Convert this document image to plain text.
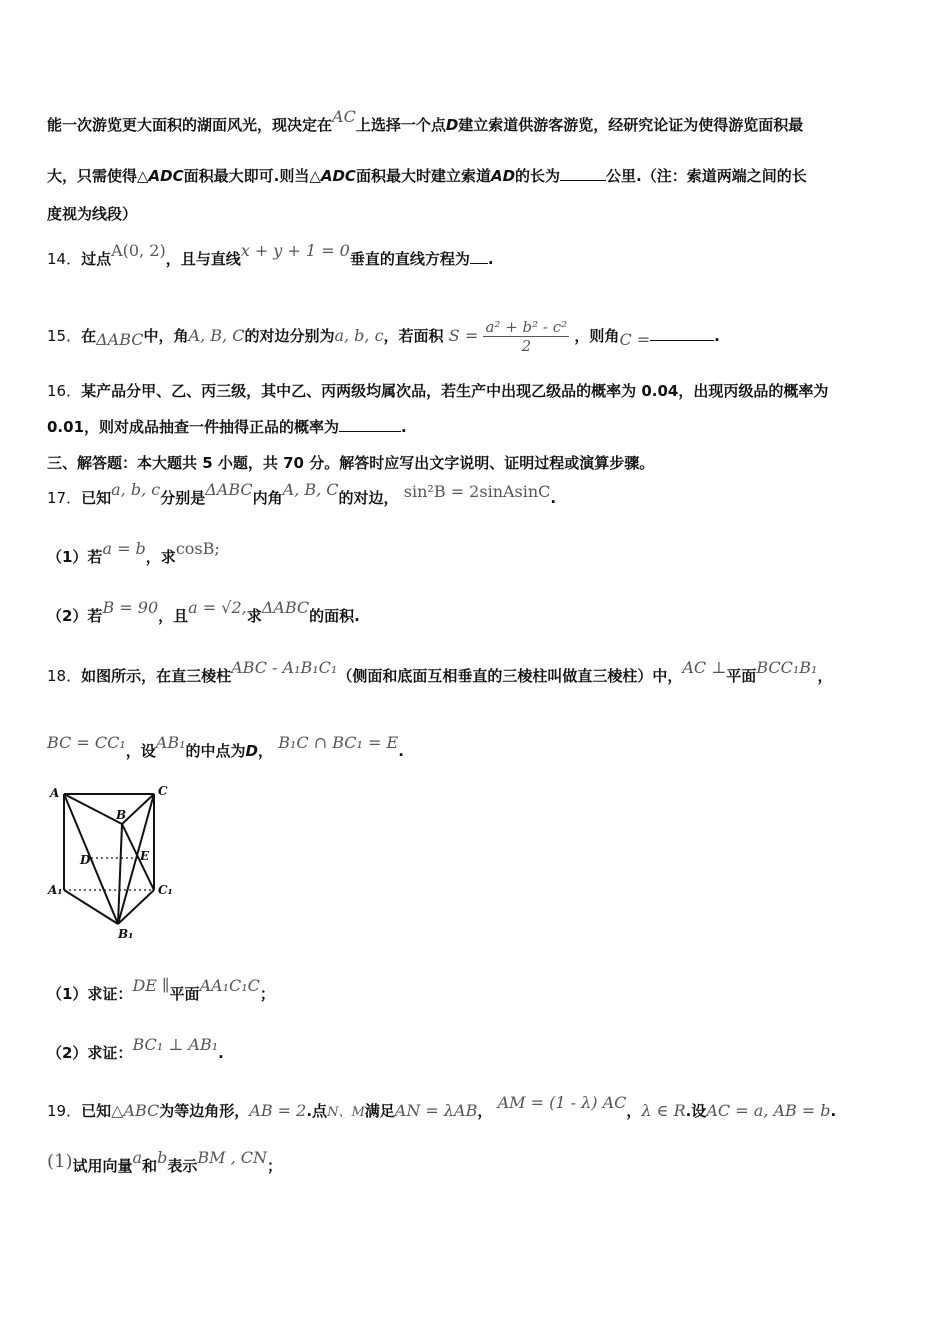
能一次游览更大面积的湖面风光，现决定在AC上选择一个点D建立索道供游客游览，经研究论证为使得游览面积最
大，只需使得△ADC面积最大即可.则当△ADC面积最大时建立索道AD的长为	公里.（注：索道两端之间的长
度视为线段）
14．过点A(0, 2)，且与直线x + y + 1 = 0垂直的直线方程为 .
15．在ΔABC中，角A, B, C的对边分别为a, b, c，若面积 $S = \frac{\text{a² + b² - c²}}{2}$ ，则角C =	.
16．某产品分甲、乙、丙三级，其中乙、丙两级均属次品，若生产中出现乙级品的概率为 0.04，出现丙级品的概率为
0.01，则对成品抽查一件抽得正品的概率为	.
三、解答题：本大题共 5 小题，共 70 分。解答时应写出文字说明、证明过程或演算步骤。
17．已知a, b, c分别是ΔABC内角A, B, C的对边， sin²B = 2sinAsinC.
（1）若a = b，求cosB;
（2）若B = 90，且a = √2,求ΔABC的面积.
18．如图所示，在直三棱柱ABC - A₁B₁C₁（侧面和底面互相垂直的三棱柱叫做直三棱柱）中，AC ⊥平面BCC₁B₁，
BC = CC₁，设AB₁的中点为D， B₁C ∩ BC₁ = E.
A	C
B
D	E
A₁	C₁
B₁
（1）求证：DE ∥平面AA₁C₁C；
（2）求证：BC₁ ⊥ AB₁.
19．已知△ABC为等边角形，AB = 2.点N、M满足AN = λAB， AM = (1 - λ) AC，λ ∈ R.设AC = a, AB = b.
(1)试用向量a和b表示BM , CN；
